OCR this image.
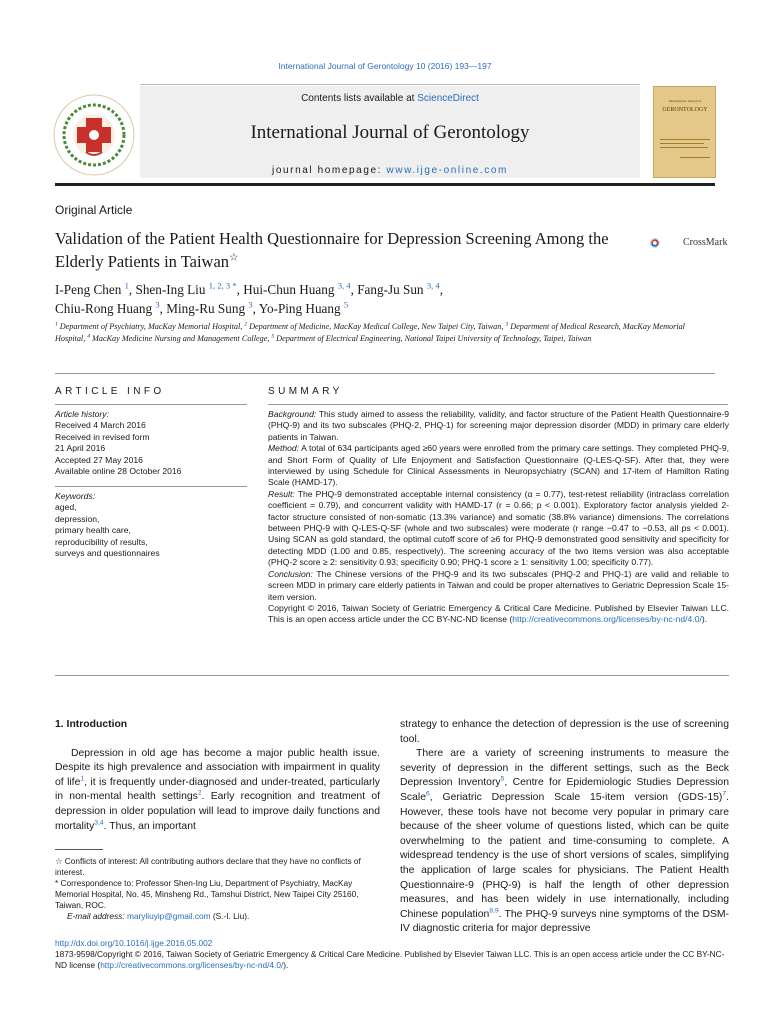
International Journal of Gerontology 10 (2016) 193—197
Contents lists available at ScienceDirect
International Journal of Gerontology
journal homepage: www.ijge-online.com
International Journal of
GERONTOLOGY
Original Article
Validation of the Patient Health Questionnaire for Depression Screening Among the Elderly Patients in Taiwan☆
CrossMark
I-Peng Chen $^1$, Shen-Ing Liu $^{1, 2, 3 *}$, Hui-Chun Huang $^{3, 4}$, Fang-Ju Sun $^{3, 4}$,
Chiu-Rong Huang $^3$, Ming-Ru Sung $^3$, Yo-Ping Huang $^5$
$^1$ Department of Psychiatry, MacKay Memorial Hospital, $^2$ Department of Medicine, MacKay Medical College, New Taipei City, Taiwan, $^3$ Department of Medical Research, MacKay Memorial Hospital, $^4$ MacKay Medicine Nursing and Management College, $^5$ Department of Electrical Engineering, National Taipei University of Technology, Taipei, Taiwan
ARTICLE INFO	SUMMARY
Article history:
Received 4 March 2016
Received in revised form
21 April 2016
Accepted 27 May 2016
Available online 28 October 2016
Keywords:
aged,
depression,
primary health care,
reproducibility of results,
surveys and questionnaires

Background: This study aimed to assess the reliability, validity, and factor structure of the Patient Health Questionnaire-9 (PHQ-9) and its two subscales (PHQ-2, PHQ-1) for screening major depression disorder (MDD) in primary care elderly patients in Taiwan.

Method: A total of 634 participants aged ≥60 years were enrolled from the primary care settings. They completed PHQ-9, and Short Form of Quality of Life Enjoyment and Satisfaction Questionnaire (Q-LES-Q-SF). After that, they were interviewed by using Schedule for Clinical Assessments in Neuropsychiatry (SCAN) and 17-item of Hamilton Rating Scale (HAMD-17).

Result: The PHQ-9 demonstrated acceptable internal consistency (α = 0.77), test-retest reliability (intraclass correlation coefficient = 0.79), and concurrent validity with HAMD-17 (r = 0.66; p < 0.001). Exploratory factor analysis yielded 2-factor structure consisted of non-somatic (13.3% variance) and somatic (38.8% variance) dimensions. The correlations between PHQ-9 with Q-LES-Q-SF (whole and two subscales) were moderate (r range −0.47 to −0.53, all ps < 0.001). Using SCAN as gold standard, the optimal cutoff score of ≥6 for PHQ-9 demonstrated good sensitivity and specificity for detecting MDD (1.00 and 0.85, respectively). The screening accuracy of the two items version was also acceptable (PHQ-2 score ≥ 2: sensitivity 0.93; specificity 0.90; PHQ-1 score ≥ 1: sensitivity 1.00; specificity 0.77).

Conclusion: The Chinese versions of the PHQ-9 and its two subscales (PHQ-2 and PHQ-1) are valid and reliable to screen MDD in primary care elderly patients in Taiwan and could be proper alternatives to Geriatric Depression Scale 15-item version.

Copyright © 2016, Taiwan Society of Geriatric Emergency & Critical Care Medicine. Published by Elsevier Taiwan LLC. This is an open access article under the CC BY-NC-ND license (http://creativecommons.org/licenses/by-nc-nd/4.0/).

1. Introduction

Depression in old age has become a major public health issue. Despite its high prevalence and association with impairment in quality of life$^1$, it is frequently under-diagnosed and under-treated, particularly in non-mental health settings$^2$. Early recognition and treatment of depression in older population will lead to improve daily functions and mortality$^{3,4}$. Thus, an important

strategy to enhance the detection of depression is the use of screening tool.

There are a variety of screening instruments to measure the severity of depression in the different settings, such as the Beck Depression Inventory$^5$, Centre for Epidemiologic Studies Depression Scale$^6$, Geriatric Depression Scale 15-item version $(GDS-15)^7$. However, these tools have not become very popular in primary care because of the sheer volume of questions listed, which can be quite overwhelming to the patient and time-consuming to complete. A widespread tendency is the use of short versions of scales, simplifying the application of large scales for physicians. The Patient Health Questionnaire-9 (PHQ-9) is half the length of other depression measures, and has been widely in use internationally, including Chinese population$^{8,9}$. The PHQ-9 surveys nine symptoms of the DSM-IV diagnostic criteria for major depressive

☆ Conflicts of interest: All contributing authors declare that they have no conflicts of interest.

* Correspondence to: Professor Shen-Ing Liu, Department of Psychiatry, MacKay Memorial Hospital, No. 45, Minsheng Rd., Tamshui District, New Taipei City 25160, Taiwan, ROC.

E-mail address: maryliuyip@gmail.com (S.-I. Liu).

http://dx.doi.org/10.1016/j.ijge.2016.05.002

1873-9598/Copyright © 2016, Taiwan Society of Geriatric Emergency & Critical Care Medicine. Published by Elsevier Taiwan LLC. This is an open access article under the CC BY-NC-ND license (http://creativecommons.org/licenses/by-nc-nd/4.0/).
